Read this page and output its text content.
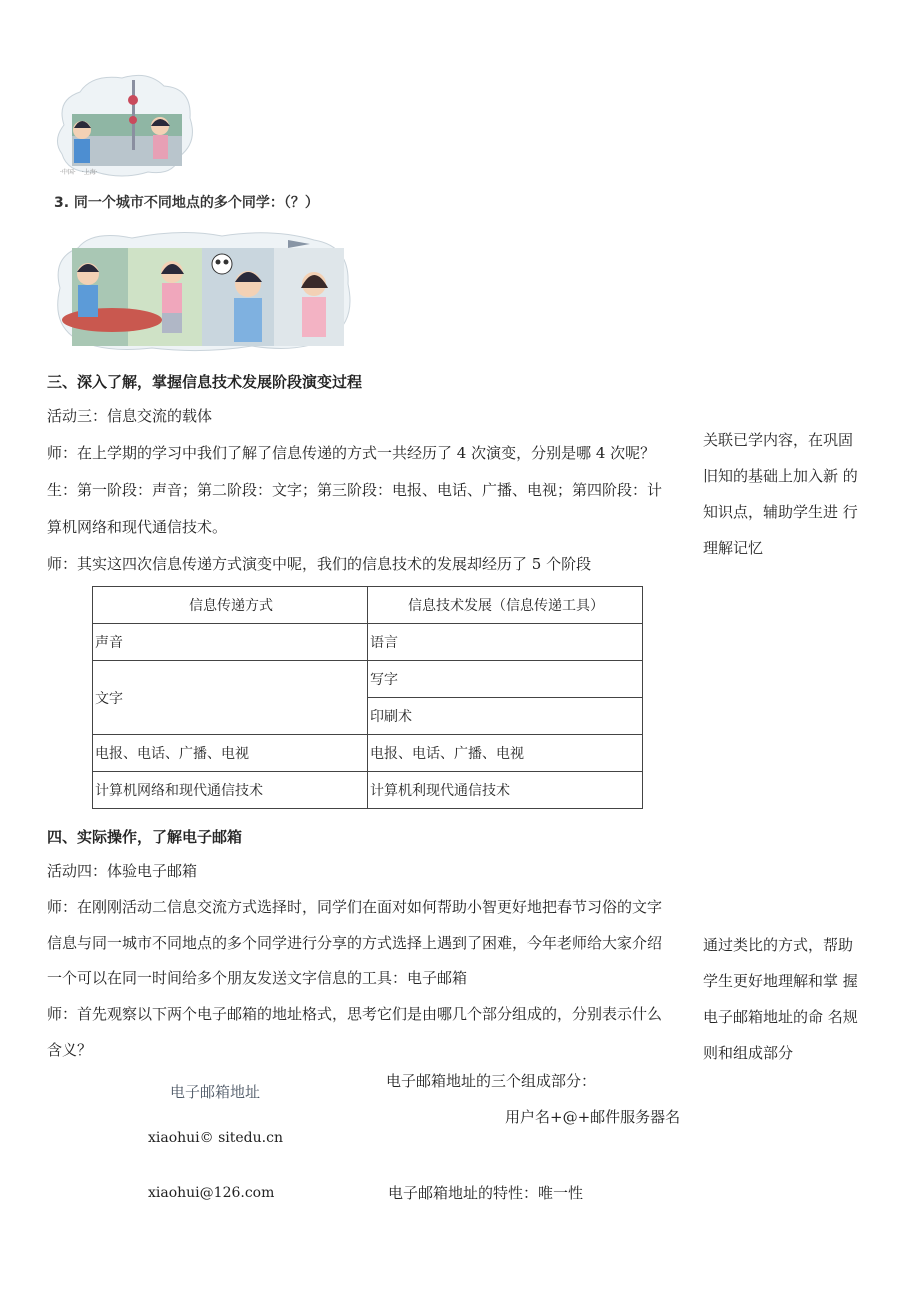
·中国·　·上海·
3. 同一个城市不同地点的多个同学：（？）
三、深入了解，掌握信息技术发展阶段演变过程
活动三：信息交流的载体
师：在上学期的学习中我们了解了信息传递的方式一共经历了 4 次演变，分别是哪 4 次呢？
生：第一阶段：声音；第二阶段：文字；第三阶段：电报、电话、广播、电视；第四阶段：计
算机网络和现代通信技术。
师：其实这四次信息传递方式演变中呢，我们的信息技术的发展却经历了 5 个阶段
关联已学内容，在巩固
旧知的基础上加入新 的
知识点，辅助学生进 行
理解记忆
信息传递方式	信息技术发展（信息传递工具）
声音	语言
文字	写字
	印刷术
电报、电话、广播、电视	电报、电话、广播、电视
计算机网络和现代通信技术	计算机利现代通信技术
四、实际操作，了解电子邮箱
活动四：体验电子邮箱
师：在刚刚活动二信息交流方式选择时，同学们在面对如何帮助小智更好地把春节习俗的文字
信息与同一城市不同地点的多个同学进行分享的方式选择上遇到了困难，今年老师给大家介绍
一个可以在同一时间给多个朋友发送文字信息的工具：电子邮箱
师：首先观察以下两个电子邮箱的地址格式，思考它们是由哪几个部分组成的，分别表示什么
含义？
通过类比的方式，帮助
学生更好地理解和掌 握
电子邮箱地址的命 名规
则和组成部分
电子邮箱地址
xiaohui© sitedu.cn
xiaohui@126.com
电子邮箱地址的三个组成部分：
用户名+@+邮件服务器名
电子邮箱地址的特性：唯一性
